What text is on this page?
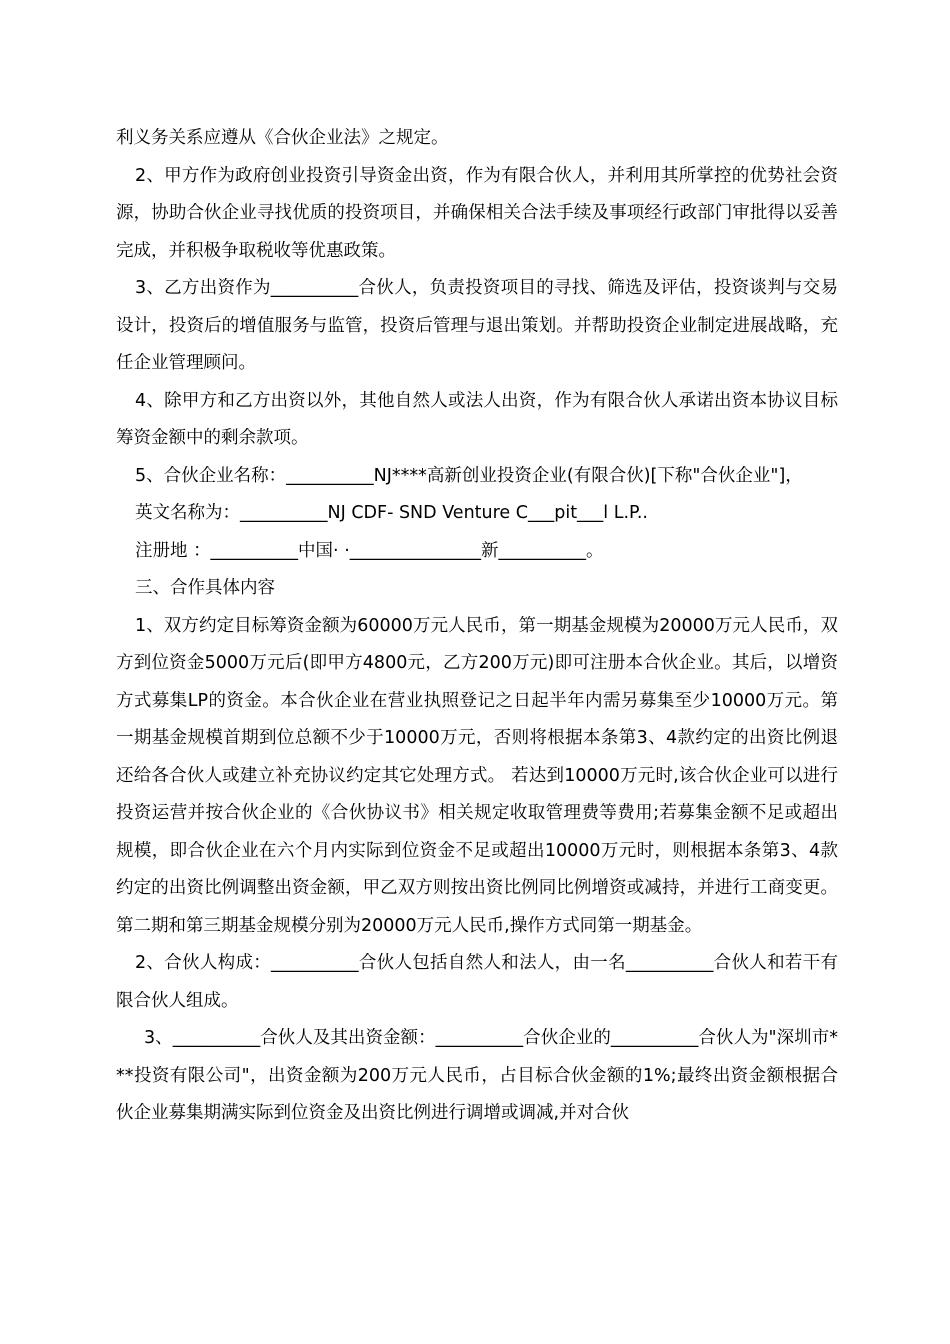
利义务关系应遵从《合伙企业法》之规定。

2、甲方作为政府创业投资引导资金出资，作为有限合伙人，并利用其所掌控的优势社会资源，协助合伙企业寻找优质的投资项目，并确保相关合法手续及事项经行政部门审批得以妥善完成，并积极争取税收等优惠政策。

3、乙方出资作为__________合伙人，负责投资项目的寻找、筛选及评估，投资谈判与交易设计，投资后的增值服务与监管，投资后管理与退出策划。并帮助投资企业制定进展战略，充任企业管理顾问。

4、除甲方和乙方出资以外，其他自然人或法人出资，作为有限合伙人承诺出资本协议目标筹资金额中的剩余款项。

5、合伙企业名称：__________NJ****高新创业投资企业(有限合伙)[下称"合伙企业"]，

英文名称为：__________NJ CDF- SND Venture C___pit___l L.P..

注册地 ：__________中国· ·_______________新__________。

三、合作具体内容

1、双方约定目标筹资金额为60000万元人民币，第一期基金规模为20000万元人民币，双方到位资金5000万元后(即甲方4800元，乙方200万元)即可注册本合伙企业。其后，以增资方式募集LP的资金。本合伙企业在营业执照登记之日起半年内需另募集至少10000万元。第一期基金规模首期到位总额不少于10000万元，否则将根据本条第3、4款约定的出资比例退还给各合伙人或建立补充协议约定其它处理方式。 若达到10000万元时,该合伙企业可以进行投资运营并按合伙企业的《合伙协议书》相关规定收取管理费等费用;若募集金额不足或超出规模，即合伙企业在六个月内实际到位资金不足或超出10000万元时，则根据本条第3、4款约定的出资比例调整出资金额，甲乙双方则按出资比例同比例增资或减持，并进行工商变更。第二期和第三期基金规模分别为20000万元人民币,操作方式同第一期基金。

2、合伙人构成：__________合伙人包括自然人和法人，由一名__________合伙人和若干有限合伙人组成。

3、__________合伙人及其出资金额：__________合伙企业的__________合伙人为"深圳市***投资有限公司"，出资金额为200万元人民币，占目标合伙金额的1%;最终出资金额根据合伙企业募集期满实际到位资金及出资比例进行调增或调减,并对合伙
